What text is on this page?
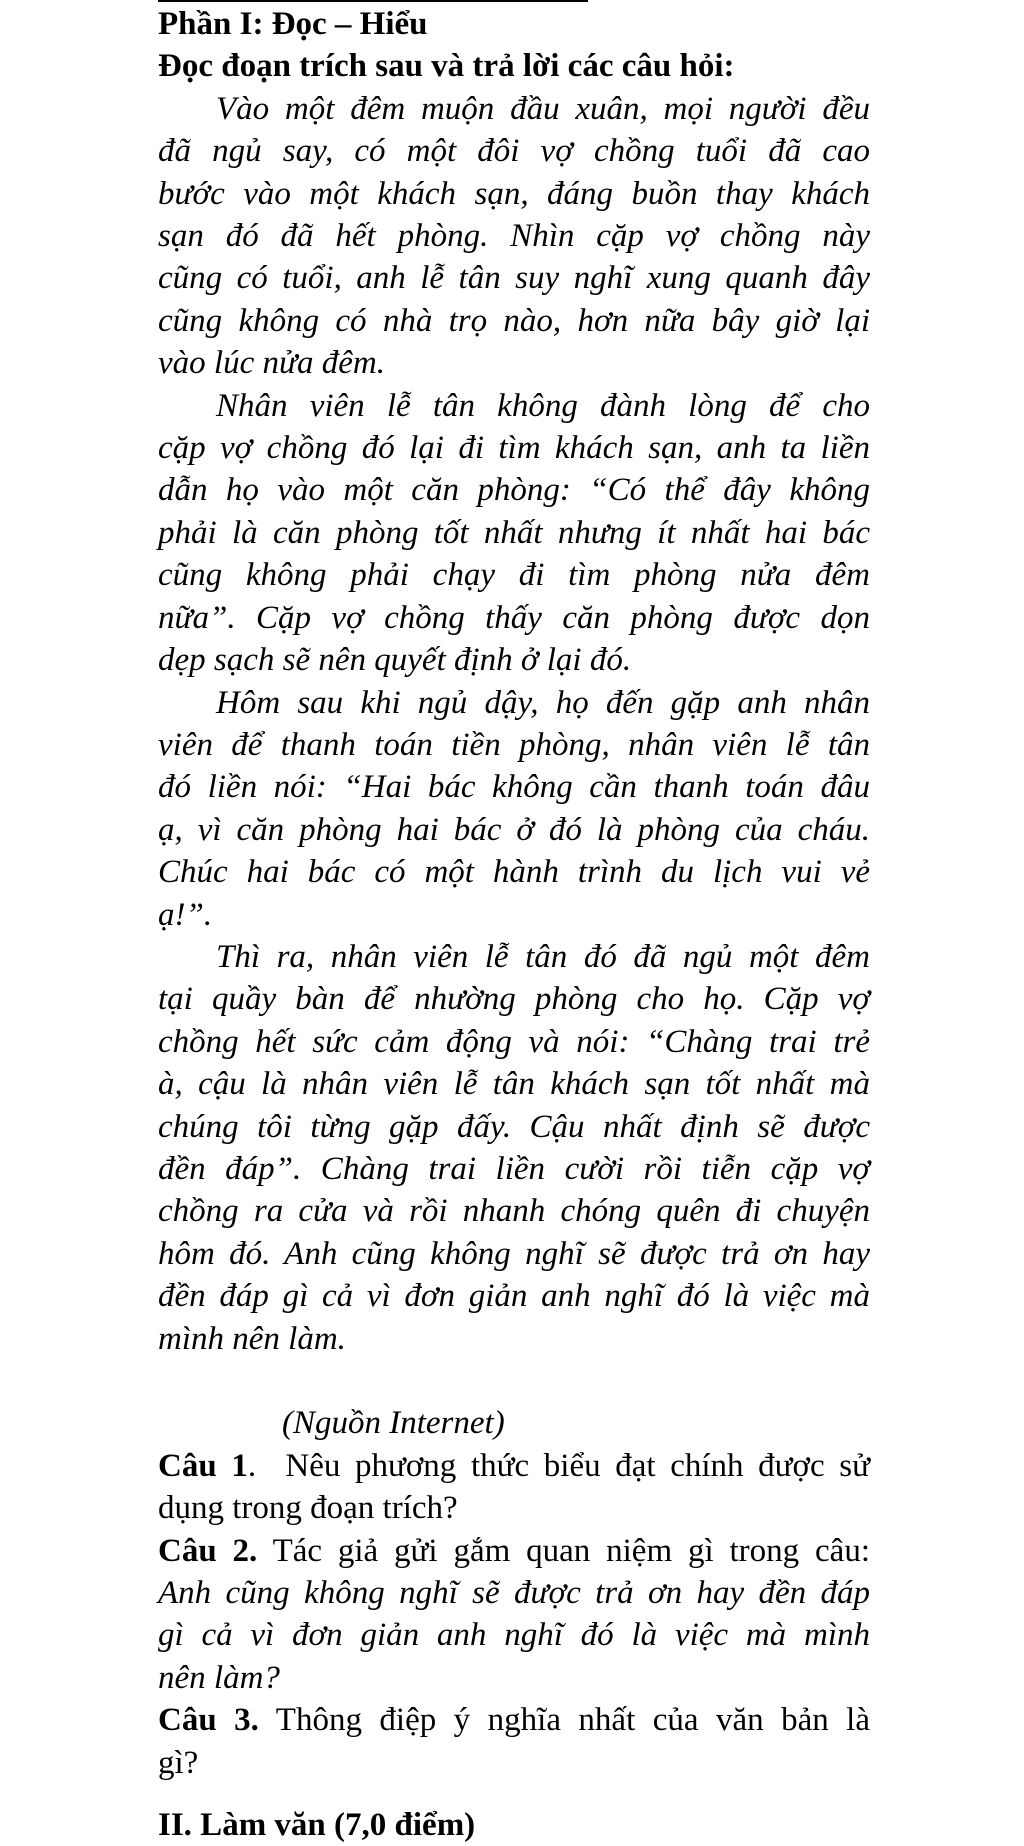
Phần I: Đọc – Hiểu
Đọc đoạn trích sau và trả lời các câu hỏi:
Vào một đêm muộn đầu xuân, mọi người đều
đã ngủ say, có một đôi vợ chồng tuổi đã cao
bước vào một khách sạn, đáng buồn thay khách
sạn đó đã hết phòng. Nhìn cặp vợ chồng này
cũng có tuổi, anh lễ tân suy nghĩ xung quanh đây
cũng không có nhà trọ nào, hơn nữa bây giờ lại
vào lúc nửa đêm.
Nhân viên lễ tân không đành lòng để cho
cặp vợ chồng đó lại đi tìm khách sạn, anh ta liền
dẫn họ vào một căn phòng: “Có thể đây không
phải là căn phòng tốt nhất nhưng ít nhất hai bác
cũng không phải chạy đi tìm phòng nửa đêm
nữa”. Cặp vợ chồng thấy căn phòng được dọn
dẹp sạch sẽ nên quyết định ở lại đó.
Hôm sau khi ngủ dậy, họ đến gặp anh nhân
viên để thanh toán tiền phòng, nhân viên lễ tân
đó liền nói: “Hai bác không cần thanh toán đâu
ạ, vì căn phòng hai bác ở đó là phòng của cháu.
Chúc hai bác có một hành trình du lịch vui vẻ
ạ!”.
Thì ra, nhân viên lễ tân đó đã ngủ một đêm
tại quầy bàn để nhường phòng cho họ. Cặp vợ
chồng hết sức cảm động và nói: “Chàng trai trẻ
à, cậu là nhân viên lễ tân khách sạn tốt nhất mà
chúng tôi từng gặp đấy. Cậu nhất định sẽ được
đền đáp”. Chàng trai liền cười rồi tiễn cặp vợ
chồng ra cửa và rồi nhanh chóng quên đi chuyện
hôm đó. Anh cũng không nghĩ sẽ được trả ơn hay
đền đáp gì cả vì đơn giản anh nghĩ đó là việc mà
mình nên làm.
(Nguồn Internet)
Câu 1.  Nêu phương thức biểu đạt chính được sử
dụng trong đoạn trích?
Câu 2. Tác giả gửi gắm quan niệm gì trong câu:
Anh cũng không nghĩ sẽ được trả ơn hay đền đáp
gì cả vì đơn giản anh nghĩ đó là việc mà mình
nên làm?
Câu 3. Thông điệp ý nghĩa nhất của văn bản là
gì?
II. Làm văn (7,0 điểm)
